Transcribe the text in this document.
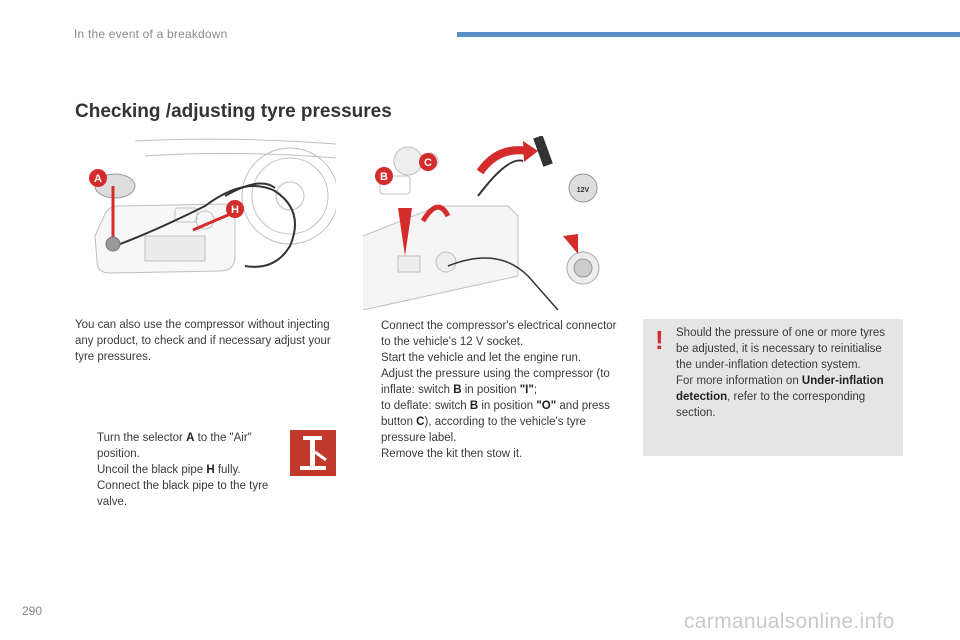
In the event of a breakdown
Checking /adjusting tyre pressures
A
H
12V
B
C

You can also use the compressor without injecting any product, to check and if necessary adjust your tyre pressures.

Turn the selector A to the "Air" position.
Uncoil the black pipe H fully.
Connect the black pipe to the tyre valve.
Connect the compressor's electrical connector to the vehicle's 12 V socket.
Start the vehicle and let the engine run.
Adjust the pressure using the compressor (to inflate: switch B in position "I";
to deflate: switch B in position "O" and press button C), according to the vehicle's tyre pressure label.
Remove the kit then stow it.
! Should the pressure of one or more tyres be adjusted, it is necessary to reinitialise the under-inflation detection system.
For more information on Under-inflation detection, refer to the corresponding section.
290	carmanualsonline.info
